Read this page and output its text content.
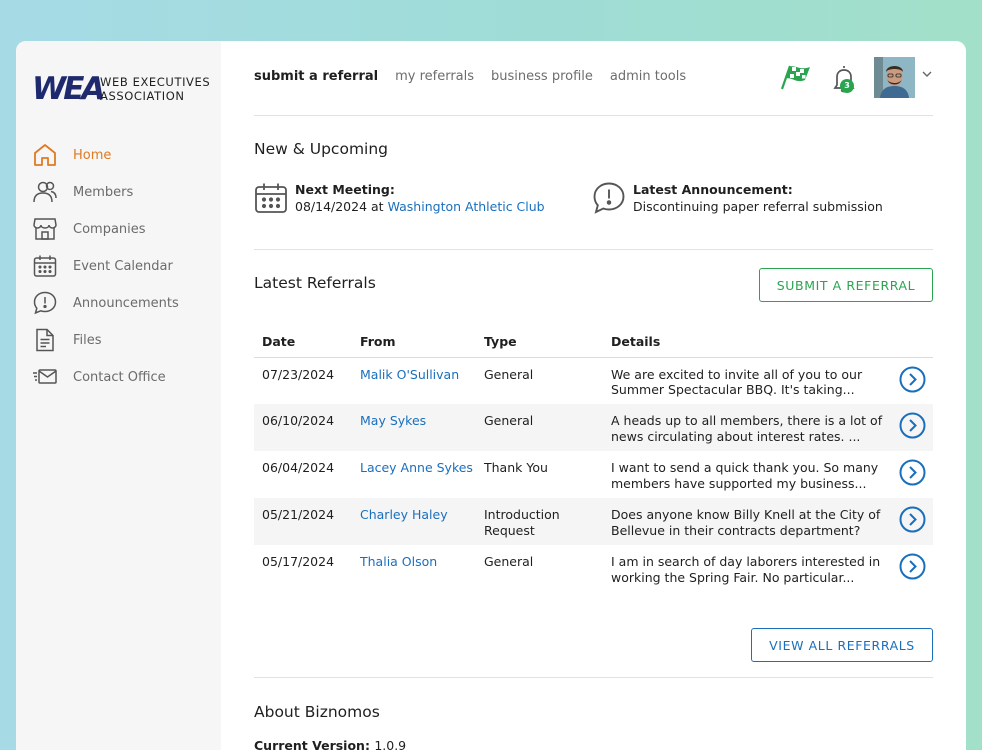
WEA
WEB EXECUTIVES
ASSOCIATION
Home
Members
Companies
Event Calendar
Announcements
Files
Contact Office
submit a referral my referrals business profile admin tools
3
New & Upcoming
Next Meeting:
08/14/2024 at Washington Athletic Club
Latest Announcement:
Discontinuing paper referral submission
Latest Referrals	SUBMIT A REFERRAL
Date	From	Type	Details	
07/23/2024	Malik O'Sullivan	General	We are excited to invite all of you to our Summer Spectacular BBQ. It's taking...	
06/10/2024	May Sykes	General	A heads up to all members, there is a lot of news circulating about interest rates. ...	
06/04/2024	Lacey Anne Sykes	Thank You	I want to send a quick thank you. So many members have supported my business...	
05/21/2024	Charley Haley	Introduction Request	Does anyone know Billy Knell at the City of Bellevue in their contracts department?	
05/17/2024	Thalia Olson	General	I am in search of day laborers interested in working the Spring Fair. No particular...	
VIEW ALL REFERRALS
About Biznomos
Current Version: 1.0.9
